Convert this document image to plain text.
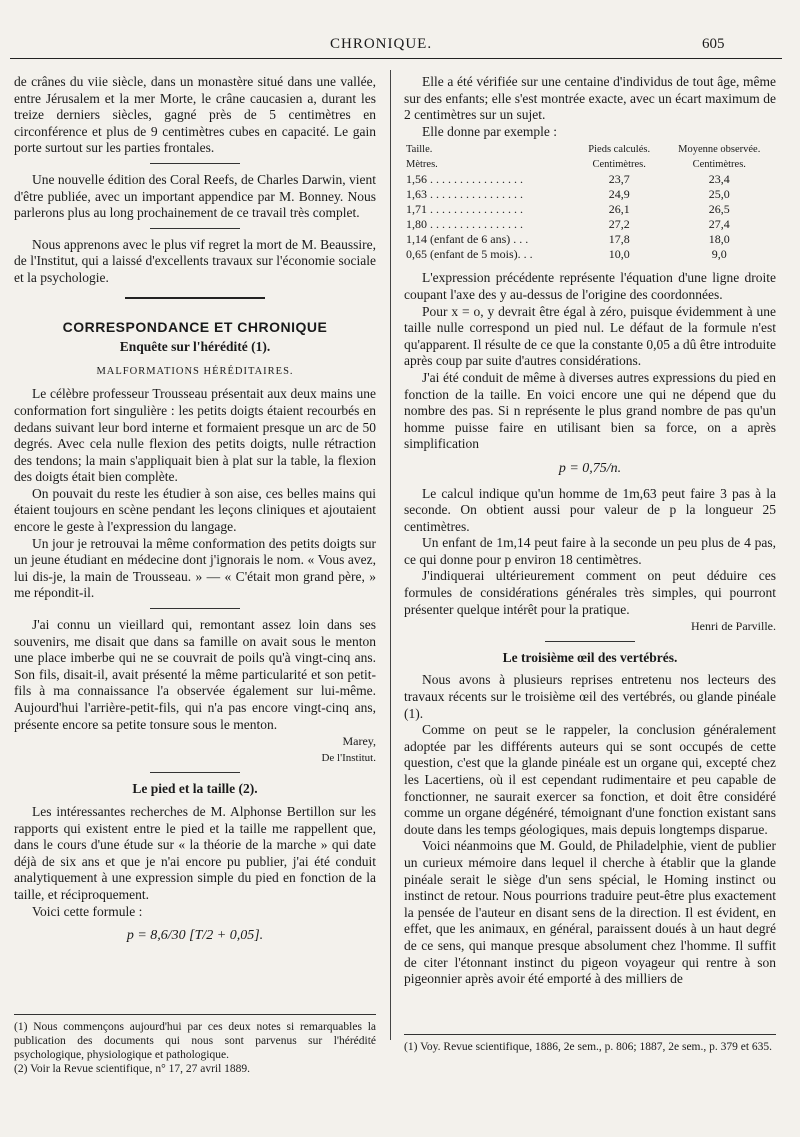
CHRONIQUE.	605

de crânes du viie siècle, dans un monastère situé dans une vallée, entre Jérusalem et la mer Morte, le crâne caucasien a, durant les treize derniers siècles, gagné près de 5 centimètres en circonférence et plus de 9 centimètres cubes en capacité. Le gain porte surtout sur les parties frontales.

Une nouvelle édition des Coral Reefs, de Charles Darwin, vient d'être publiée, avec un important appendice par M. Bonney. Nous parlerons plus au long prochainement de ce travail très complet.

Nous apprenons avec le plus vif regret la mort de M. Beaussire, de l'Institut, qui a laissé d'excellents travaux sur l'économie sociale et la psychologie.

CORRESPONDANCE ET CHRONIQUE
Enquête sur l'hérédité (1).
MALFORMATIONS HÉRÉDITAIRES.

Le célèbre professeur Trousseau présentait aux deux mains une conformation fort singulière : les petits doigts étaient recourbés en dedans suivant leur bord interne et formaient presque un arc de 50 degrés. Avec cela nulle flexion des petits doigts, nulle rétraction des tendons; la main s'appliquait bien à plat sur la table, la flexion des doigts était bien complète.

On pouvait du reste les étudier à son aise, ces belles mains qui étaient toujours en scène pendant les leçons cliniques et ajoutaient encore le geste à l'expression du langage.

Un jour je retrouvai la même conformation des petits doigts sur un jeune étudiant en médecine dont j'ignorais le nom. « Vous avez, lui dis-je, la main de Trousseau. » — « C'était mon grand père, » me répondit-il.

J'ai connu un vieillard qui, remontant assez loin dans ses souvenirs, me disait que dans sa famille on avait sous le menton une place imberbe qui ne se couvrait de poils qu'à vingt-cinq ans. Son fils, disait-il, avait présenté la même particularité et son petit-fils à ma connaissance l'a observée également sur lui-même. Aujourd'hui l'arrière-petit-fils, qui n'a pas encore vingt-cinq ans, présente encore sa petite tonsure sous le menton.

Marey,
De l'Institut.
Le pied et la taille (2).

Les intéressantes recherches de M. Alphonse Bertillon sur les rapports qui existent entre le pied et la taille me rappellent que, dans le cours d'une étude sur « la théorie de la marche » qui date déjà de six ans et que je n'ai encore pu publier, j'ai été conduit analytiquement à une expression simple du pied en fonction de la taille, et réciproquement.

Voici cette formule :

p = 8,6/30 [T/2 + 0,05].

(1) Nous commençons aujourd'hui par ces deux notes si remarquables la publication des documents qui nous sont parvenus sur l'hérédité psychologique, physiologique et pathologique.

(2) Voir la Revue scientifique, n° 17, 27 avril 1889.

Elle a été vérifiée sur une centaine d'individus de tout âge, même sur des enfants; elle s'est montrée exacte, avec un écart maximum de 2 centimètres sur un sujet.

Elle donne par exemple :

Taille.	Pieds calculés.	Moyenne observée.
Mètres.	Centimètres.	Centimètres.
1,56 . . . . . . . . . . . . . . . .	23,7	23,4
1,63 . . . . . . . . . . . . . . . .	24,9	25,0
1,71 . . . . . . . . . . . . . . . .	26,1	26,5
1,80 . . . . . . . . . . . . . . . .	27,2	27,4
1,14 (enfant de 6 ans) . . .	17,8	18,0
0,65 (enfant de 5 mois). . .	10,0	9,0

L'expression précédente représente l'équation d'une ligne droite coupant l'axe des y au-dessus de l'origine des coordonnées.

Pour x = o, y devrait être égal à zéro, puisque évidemment à une taille nulle correspond un pied nul. Le défaut de la formule n'est qu'apparent. Il résulte de ce que la constante 0,05 a dû être introduite après coup par suite d'autres considérations.

J'ai été conduit de même à diverses autres expressions du pied en fonction de la taille. En voici encore une qui ne dépend que du nombre des pas. Si n représente le plus grand nombre de pas qu'un homme puisse faire en utilisant bien sa force, on a après simplification

p = 0,75/n.

Le calcul indique qu'un homme de 1m,63 peut faire 3 pas à la seconde. On obtient aussi pour valeur de p la longueur 25 centimètres.

Un enfant de 1m,14 peut faire à la seconde un peu plus de 4 pas, ce qui donne pour p environ 18 centimètres.

J'indiquerai ultérieurement comment on peut déduire ces formules de considérations générales très simples, qui pourront présenter quelque intérêt pour la pratique.

Henri de Parville.
Le troisième œil des vertébrés.

Nous avons à plusieurs reprises entretenu nos lecteurs des travaux récents sur le troisième œil des vertébrés, ou glande pinéale (1).

Comme on peut se le rappeler, la conclusion généralement adoptée par les différents auteurs qui se sont occupés de cette question, c'est que la glande pinéale est un organe qui, excepté chez les Lacertiens, où il est cependant rudimentaire et peu capable de fonctionner, ne saurait exercer sa fonction, et doit être considéré comme un organe dégénéré, témoignant d'une fonction existant sans doute dans les temps géologiques, mais depuis longtemps disparue.

Voici néanmoins que M. Gould, de Philadelphie, vient de publier un curieux mémoire dans lequel il cherche à établir que la glande pinéale serait le siège d'un sens spécial, le Homing instinct ou instinct de retour. Nous pourrions traduire peut-être plus exactement la pensée de l'auteur en disant sens de la direction. Il est évident, en effet, que les animaux, en général, paraissent doués à un haut degré de ce sens, qui manque presque absolument chez l'homme. Il suffit de citer l'étonnant instinct du pigeon voyageur qui rentre à son pigeonnier après avoir été emporté à des milliers de

(1) Voy. Revue scientifique, 1886, 2e sem., p. 806; 1887, 2e sem., p. 379 et 635.
